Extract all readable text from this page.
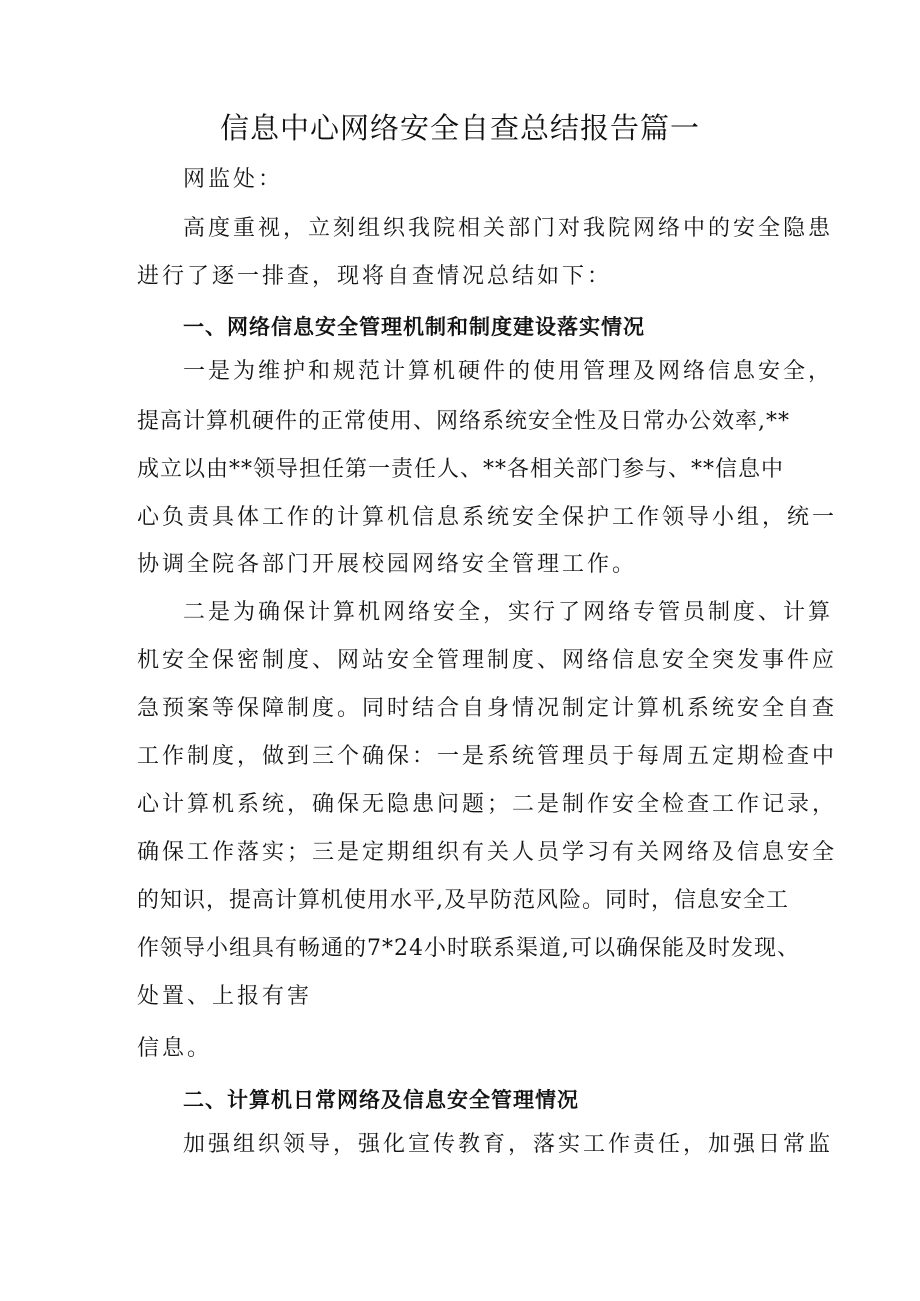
信息中心网络安全自查总结报告篇一
网监处：
高度重视，立刻组织我院相关部门对我院网络中的安全隐患
进行了逐一排查，现将自查情况总结如下：
一、网络信息安全管理机制和制度建设落实情况
一是为维护和规范计算机硬件的使用管理及网络信息安全，
提高计算机硬件的正常使用、网络系统安全性及日常办公效率,**
成立以由**领导担任第一责任人、**各相关部门参与、**信息中
心负责具体工作的计算机信息系统安全保护工作领导小组，统一
协调全院各部门开展校园网络安全管理工作。
二是为确保计算机网络安全，实行了网络专管员制度、计算
机安全保密制度、网站安全管理制度、网络信息安全突发事件应
急预案等保障制度。同时结合自身情况制定计算机系统安全自查
工作制度，做到三个确保：一是系统管理员于每周五定期检查中
心计算机系统，确保无隐患问题；二是制作安全检查工作记录，
确保工作落实；三是定期组织有关人员学习有关网络及信息安全
的知识，提高计算机使用水平,及早防范风险。同时，信息安全工
作领导小组具有畅通的7*24小时联系渠道,可以确保能及时发现、
处置、上报有害
信息。
二、计算机日常网络及信息安全管理情况
加强组织领导，强化宣传教育，落实工作责任，加强日常监
